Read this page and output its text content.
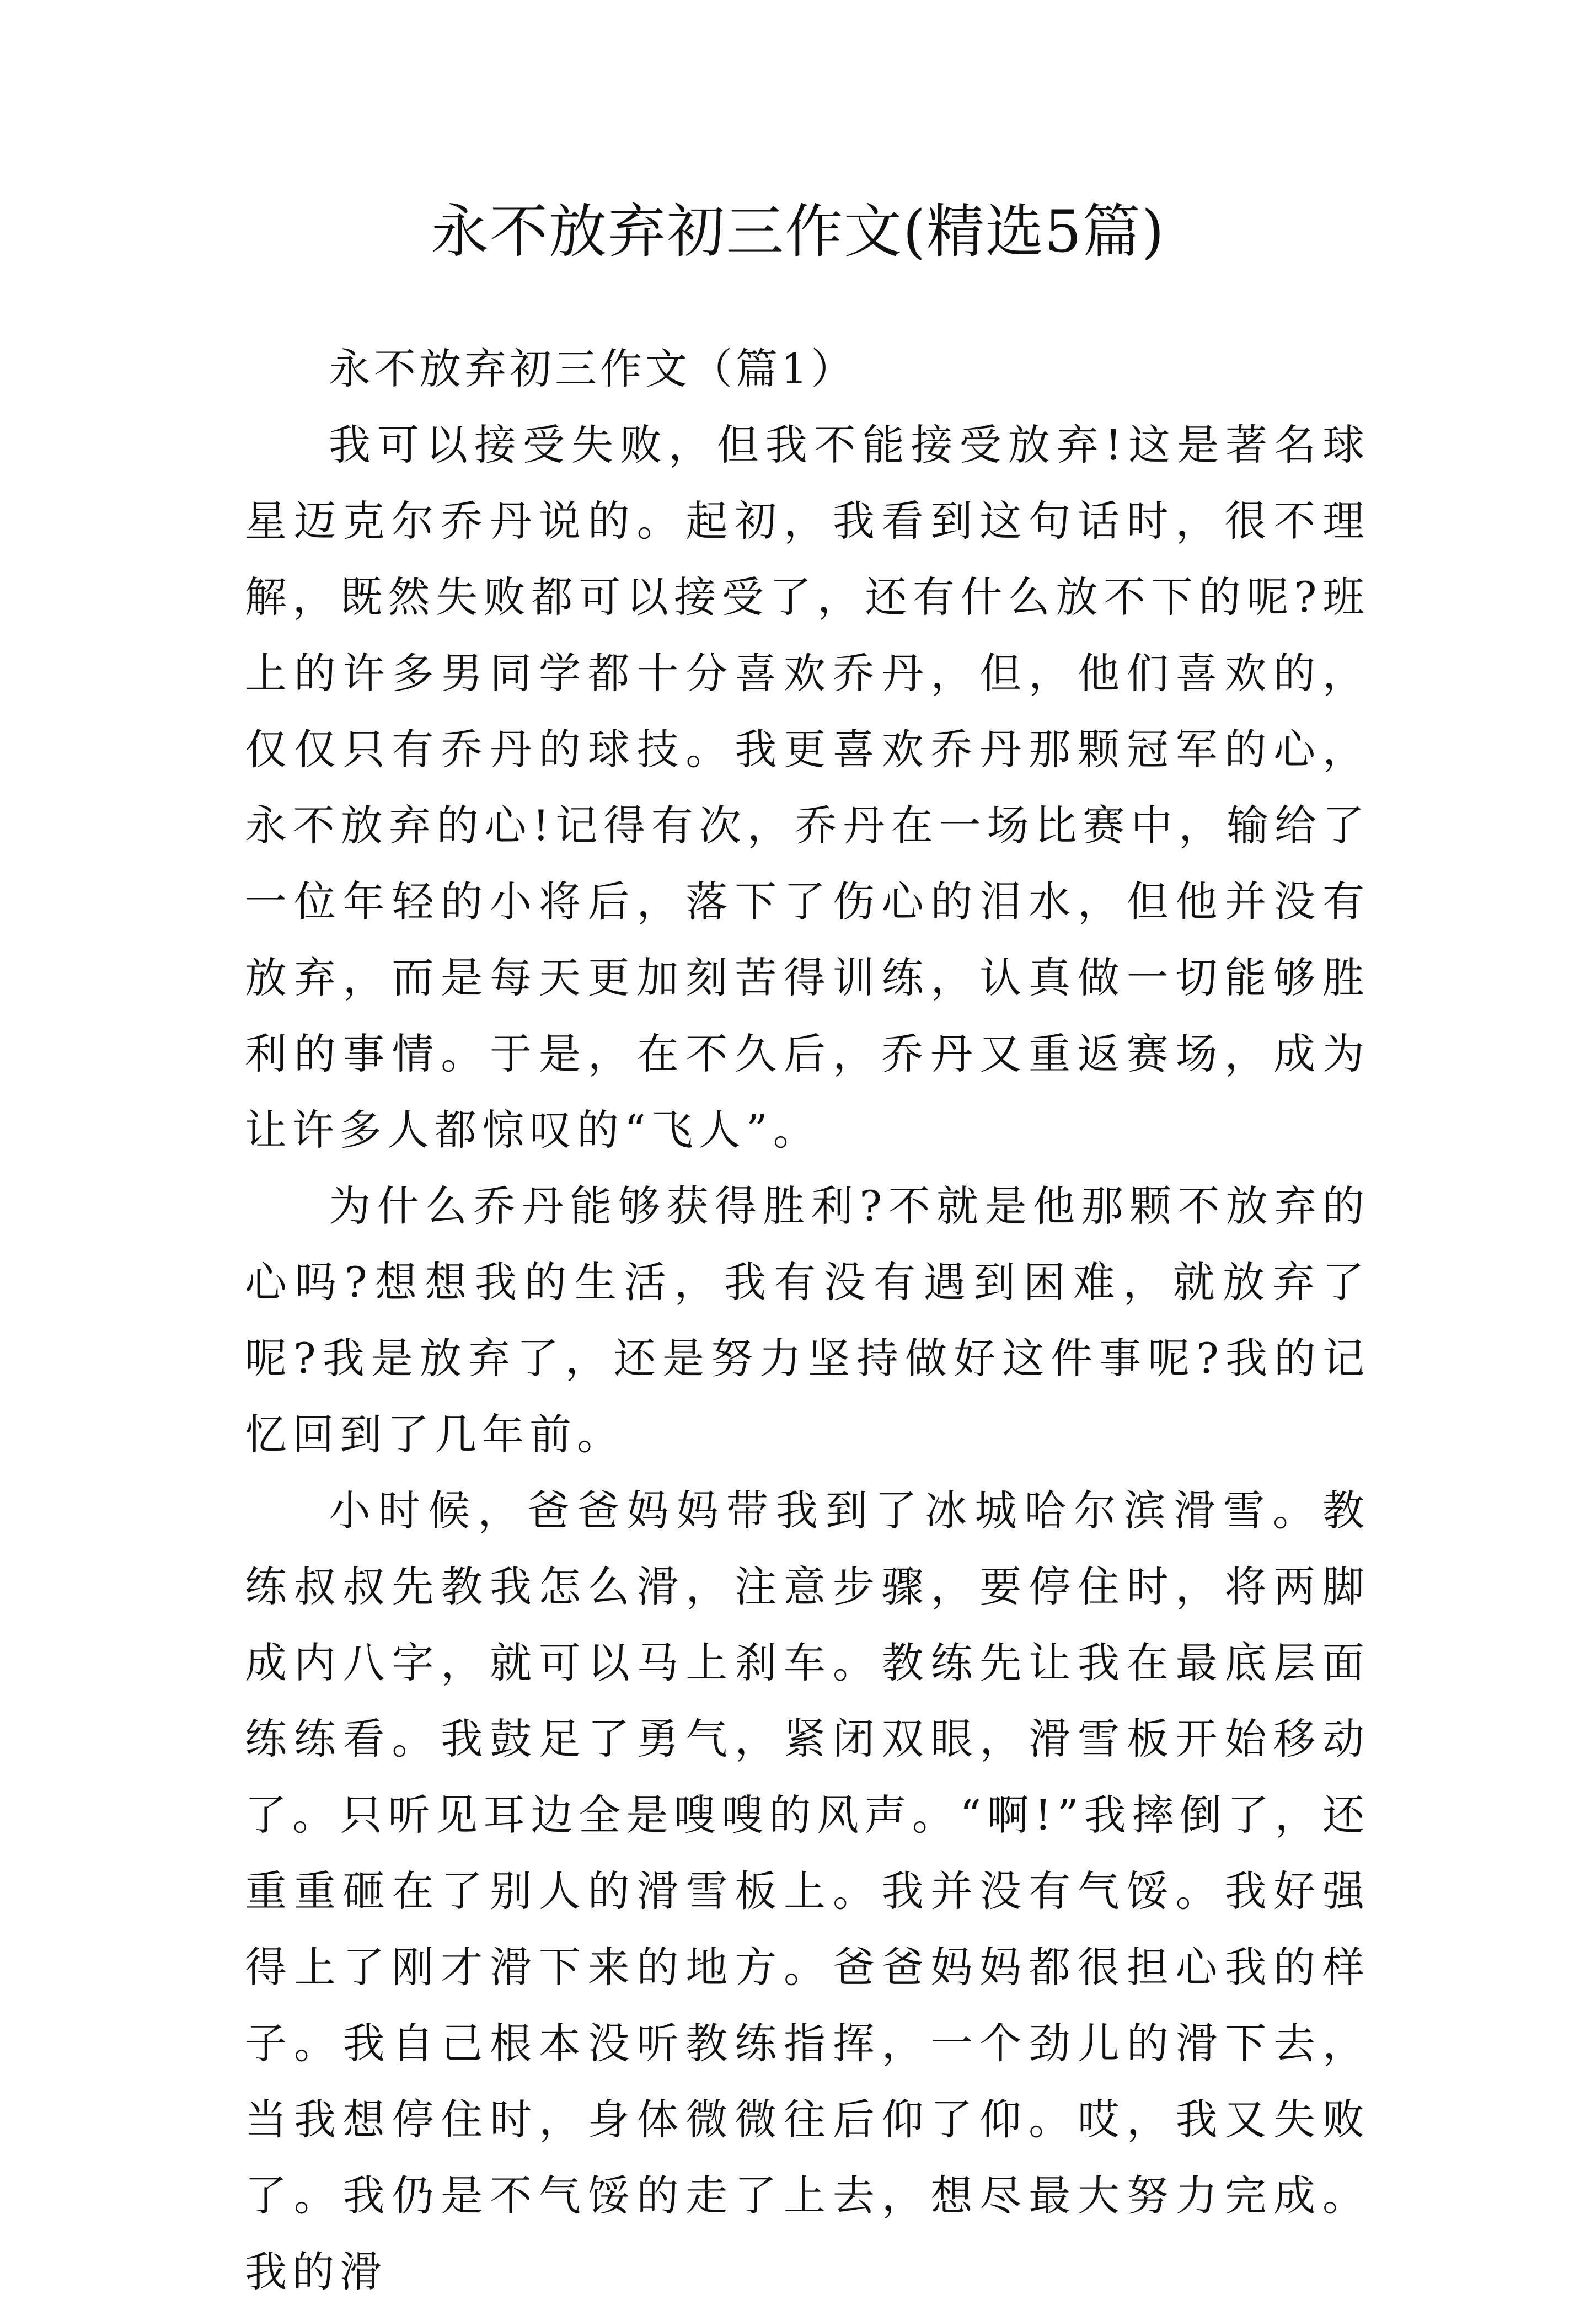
永不放弃初三作文(精选5篇)

永不放弃初三作文（篇1）

我可以接受失败，但我不能接受放弃!这是著名球星迈克尔乔丹说的。起初，我看到这句话时，很不理解，既然失败都可以接受了，还有什么放不下的呢?班上的许多男同学都十分喜欢乔丹，但，他们喜欢的，仅仅只有乔丹的球技。我更喜欢乔丹那颗冠军的心，永不放弃的心!记得有次，乔丹在一场比赛中，输给了一位年轻的小将后，落下了伤心的泪水，但他并没有放弃，而是每天更加刻苦得训练，认真做一切能够胜利的事情。于是，在不久后，乔丹又重返赛场，成为让许多人都惊叹的“飞人”。

为什么乔丹能够获得胜利?不就是他那颗不放弃的心吗?想想我的生活，我有没有遇到困难，就放弃了呢?我是放弃了，还是努力坚持做好这件事呢?我的记忆回到了几年前。

小时候，爸爸妈妈带我到了冰城哈尔滨滑雪。教练叔叔先教我怎么滑，注意步骤，要停住时，将两脚成内八字，就可以马上刹车。教练先让我在最底层面练练看。我鼓足了勇气，紧闭双眼，滑雪板开始移动了。只听见耳边全是嗖嗖的风声。“啊!”我摔倒了，还重重砸在了别人的滑雪板上。我并没有气馁。我好强得上了刚才滑下来的地方。爸爸妈妈都很担心我的样子。我自己根本没听教练指挥，一个劲儿的滑下去，当我想停住时，身体微微往后仰了仰。哎，我又失败了。我仍是不气馁的走了上去，想尽最大努力完成。我的滑
